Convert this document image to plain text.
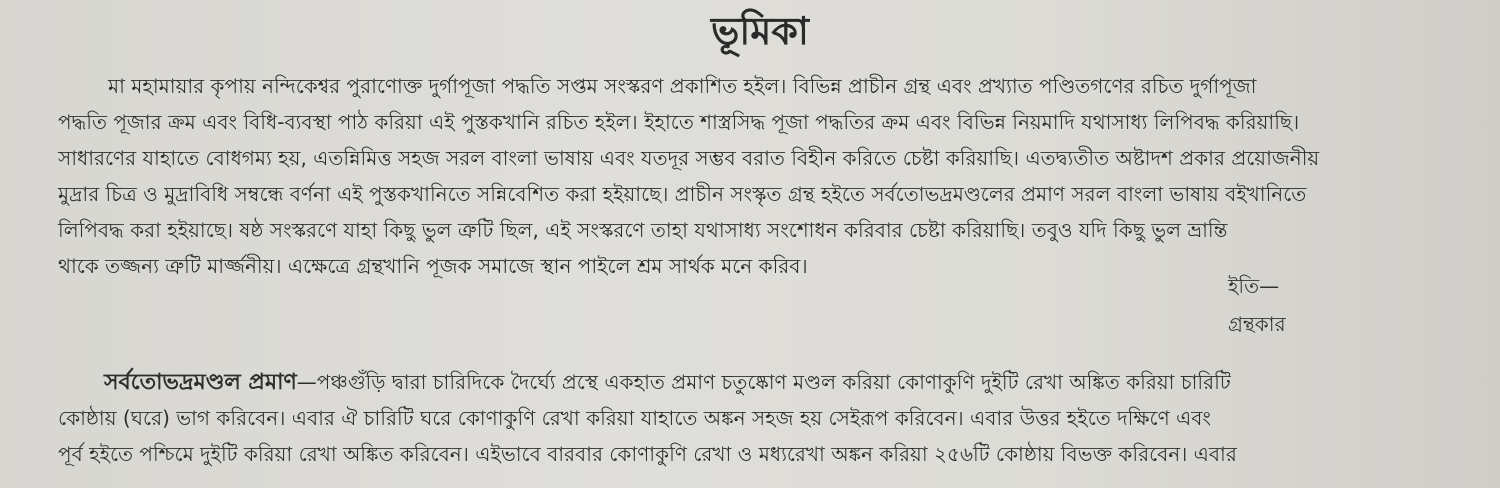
ভূমিকা
মা মহামায়ার কৃপায় নন্দিকেশ্বর পুরাণোক্ত দুর্গাপূজা পদ্ধতি সপ্তম সংস্করণ প্রকাশিত হইল। বিভিন্ন প্রাচীন গ্রন্থ এবং প্রখ্যাত পণ্ডিতগণের রচিত দুর্গাপূজা
পদ্ধতি পূজার ক্রম এবং বিধি-ব্যবস্থা পাঠ করিয়া এই পুস্তকখানি রচিত হইল। ইহাতে শাস্ত্রসিদ্ধ পূজা পদ্ধতির ক্রম এবং বিভিন্ন নিয়মাদি যথাসাধ্য লিপিবদ্ধ করিয়াছি।
সাধারণের যাহাতে বোধগম্য হয়, এতন্নিমিত্ত সহজ সরল বাংলা ভাষায় এবং যতদূর সম্ভব বরাত বিহীন করিতে চেষ্টা করিয়াছি। এতদ্ব্যতীত অষ্টাদশ প্রকার প্রয়োজনীয়
মুদ্রার চিত্র ও মুদ্রাবিধি সম্বন্ধে বর্ণনা এই পুস্তকখানিতে সন্নিবেশিত করা হইয়াছে। প্রাচীন সংস্কৃত গ্রন্থ হইতে সর্বতোভদ্রমণ্ডলের প্রমাণ সরল বাংলা ভাষায় বইখানিতে
লিপিবদ্ধ করা হইয়াছে। ষষ্ঠ সংস্করণে যাহা কিছু ভুল ত্রুটি ছিল, এই সংস্করণে তাহা যথাসাধ্য সংশোধন করিবার চেষ্টা করিয়াছি। তবুও যদি কিছু ভুল ভ্রান্তি
থাকে তজ্জন্য ত্রুটি মার্জ্জনীয়। এক্ষেত্রে গ্রন্থখানি পূজক সমাজে স্থান পাইলে শ্রম সার্থক মনে করিব।
ইতি—
গ্রন্থকার
সর্বতোভদ্রমণ্ডল প্রমাণ—পঞ্চগুঁড়ি দ্বারা চারিদিকে দৈর্ঘ্যে প্রস্থে একহাত প্রমাণ চতুষ্কোণ মণ্ডল করিয়া কোণাকুণি দুইটি রেখা অঙ্কিত করিয়া চারিটি
কোষ্ঠায় (ঘরে) ভাগ করিবেন। এবার ঐ চারিটি ঘরে কোণাকুণি রেখা করিয়া যাহাতে অঙ্কন সহজ হয় সেইরূপ করিবেন। এবার উত্তর হইতে দক্ষিণে এবং
পূর্ব হইতে পশ্চিমে দুইটি করিয়া রেখা অঙ্কিত করিবেন। এইভাবে বারবার কোণাকুণি রেখা ও মধ্যরেখা অঙ্কন করিয়া ২৫৬টি কোষ্ঠায় বিভক্ত করিবেন। এবার
